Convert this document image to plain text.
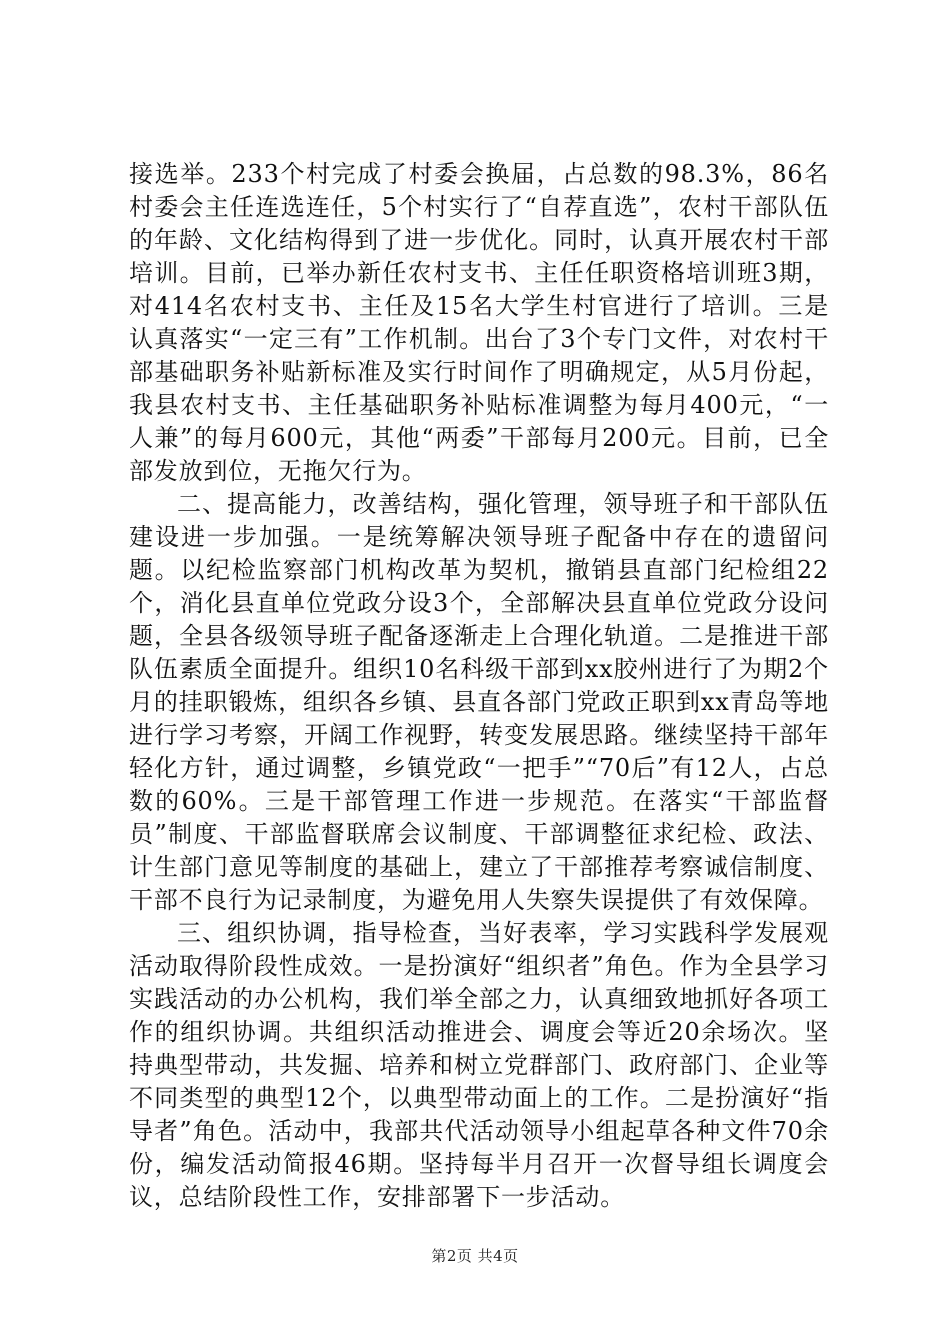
接选举。233个村完成了村委会换届，占总数的98.3%，86名村委会主任连选连任，5个村实行了“自荐直选”，农村干部队伍的年龄、文化结构得到了进一步优化。同时，认真开展农村干部培训。目前，已举办新任农村支书、主任任职资格培训班3期，对414名农村支书、主任及15名大学生村官进行了培训。三是认真落实“一定三有”工作机制。出台了3个专门文件，对农村干部基础职务补贴新标准及实行时间作了明确规定，从5月份起，我县农村支书、主任基础职务补贴标准调整为每月400元，“一人兼”的每月600元，其他“两委”干部每月200元。目前，已全部发放到位，无拖欠行为。

二、提高能力，改善结构，强化管理，领导班子和干部队伍建设进一步加强。一是统筹解决领导班子配备中存在的遗留问题。以纪检监察部门机构改革为契机，撤销县直部门纪检组22个，消化县直单位党政分设3个，全部解决县直单位党政分设问题，全县各级领导班子配备逐渐走上合理化轨道。二是推进干部队伍素质全面提升。组织10名科级干部到xx胶州进行了为期2个月的挂职锻炼，组织各乡镇、县直各部门党政正职到xx青岛等地进行学习考察，开阔工作视野，转变发展思路。继续坚持干部年轻化方针，通过调整，乡镇党政“一把手”“70后”有12人，占总数的60%。三是干部管理工作进一步规范。在落实“干部监督员”制度、干部监督联席会议制度、干部调整征求纪检、政法、计生部门意见等制度的基础上，建立了干部推荐考察诚信制度、干部不良行为记录制度，为避免用人失察失误提供了有效保障。

三、组织协调，指导检查，当好表率，学习实践科学发展观活动取得阶段性成效。一是扮演好“组织者”角色。作为全县学习实践活动的办公机构，我们举全部之力，认真细致地抓好各项工作的组织协调。共组织活动推进会、调度会等近20余场次。坚持典型带动，共发掘、培养和树立党群部门、政府部门、企业等不同类型的典型12个，以典型带动面上的工作。二是扮演好“指导者”角色。活动中，我部共代活动领导小组起草各种文件70余份，编发活动简报46期。坚持每半月召开一次督导组长调度会议，总结阶段性工作，安排部署下一步活动。

第2页 共4页
